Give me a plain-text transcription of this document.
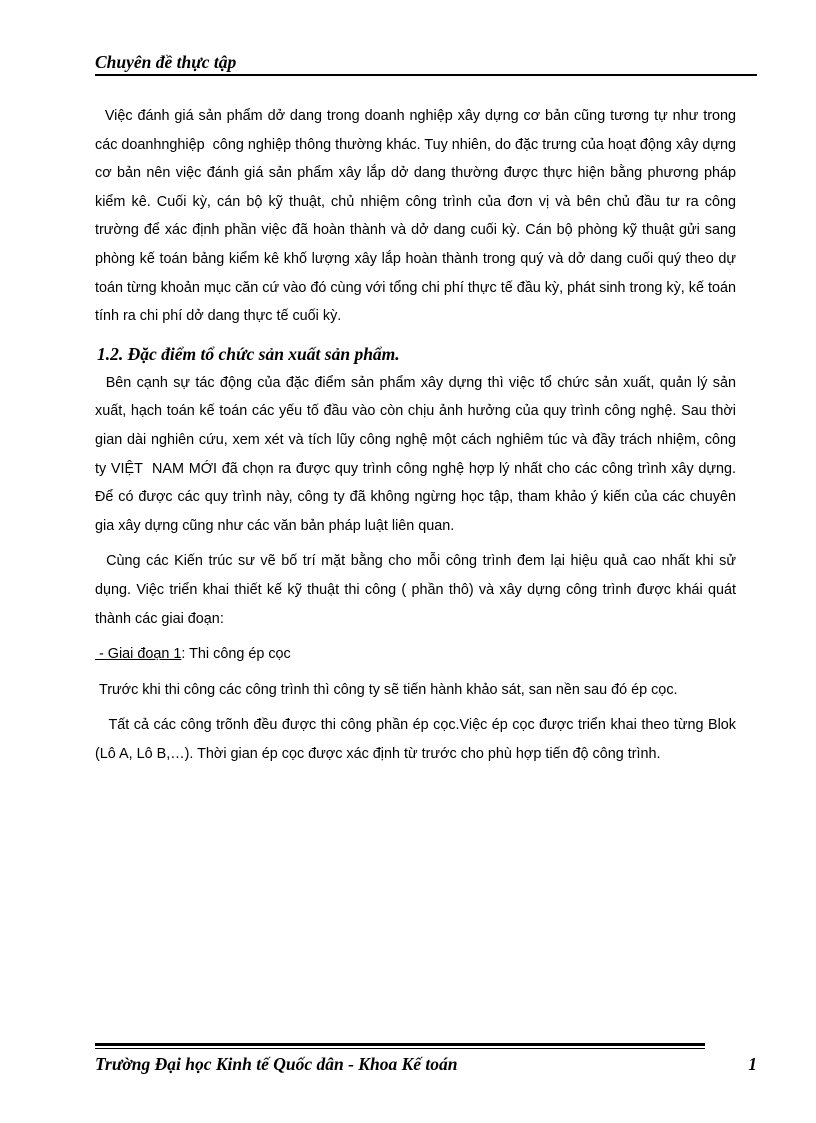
Chuyên đề thực tập

Việc đánh giá sản phẩm dở dang trong doanh nghiệp xây dựng cơ bản cũng tương tự như trong các doanhnghiệp  công nghiệp thông thường khác. Tuy nhiên, do đặc trưng của hoạt động xây dựng cơ bản nên việc đánh giá sản phẩm xây lắp dở dang thường được thực hiện bằng phương pháp kiểm kê. Cuối kỳ, cán bộ kỹ thuật, chủ nhiệm công trình của đơn vị và bên chủ đầu tư ra công trường để xác định phần việc đã hoàn thành và dở dang cuối kỳ. Cán bộ phòng kỹ thuật gửi sang phòng kế toán bảng kiểm kê khố lượng xây lắp hoàn thành trong quý và dở dang cuối quý theo dự toán từng khoản mục căn cứ vào đó cùng với tổng chi phí thực tế đầu kỳ, phát sinh trong kỳ, kế toán tính ra chi phí dở dang thực tế cuối kỳ.

1.2. Đặc điểm tổ chức sản xuất sản phẩm.

Bên cạnh sự tác động của đặc điểm sản phẩm xây dựng thì việc tổ chức sản xuất, quản lý sản xuất, hạch toán kế toán các yếu tố đầu vào còn chịu ảnh hưởng của quy trình công nghệ. Sau thời gian dài nghiên cứu, xem xét và tích lũy công nghệ một cách nghiêm túc và đầy trách nhiệm, công ty VIỆT  NAM MỚI đã chọn ra được quy trình công nghệ hợp lý nhất cho các công trình xây dựng. Để có được các quy trình này, công ty đã không ngừng học tập, tham khảo ý kiến của các chuyên gia xây dựng cũng như các văn bản pháp luật liên quan.

Cùng các Kiến trúc sư vẽ bố trí mặt bằng cho mỗi công trình đem lại hiệu quả cao nhất khi sử dụng. Việc triển khai thiết kế kỹ thuật thi công ( phần thô) và xây dựng công trình được khái quát thành các giai đoạn:

- Giai đoạn 1: Thi công ép cọc

Trước khi thi công các công trình thì công ty sẽ tiến hành khảo sát, san nền sau đó ép cọc.

Tất cả các công trõnh đều được thi công phần ép cọc.Việc ép cọc được triển khai theo từng Blok (Lô A, Lô B,…). Thời gian ép cọc được xác định từ trước cho phù hợp tiến độ công trình.

Trường Đại học Kinh tế Quốc dân - Khoa Kế toán	1
